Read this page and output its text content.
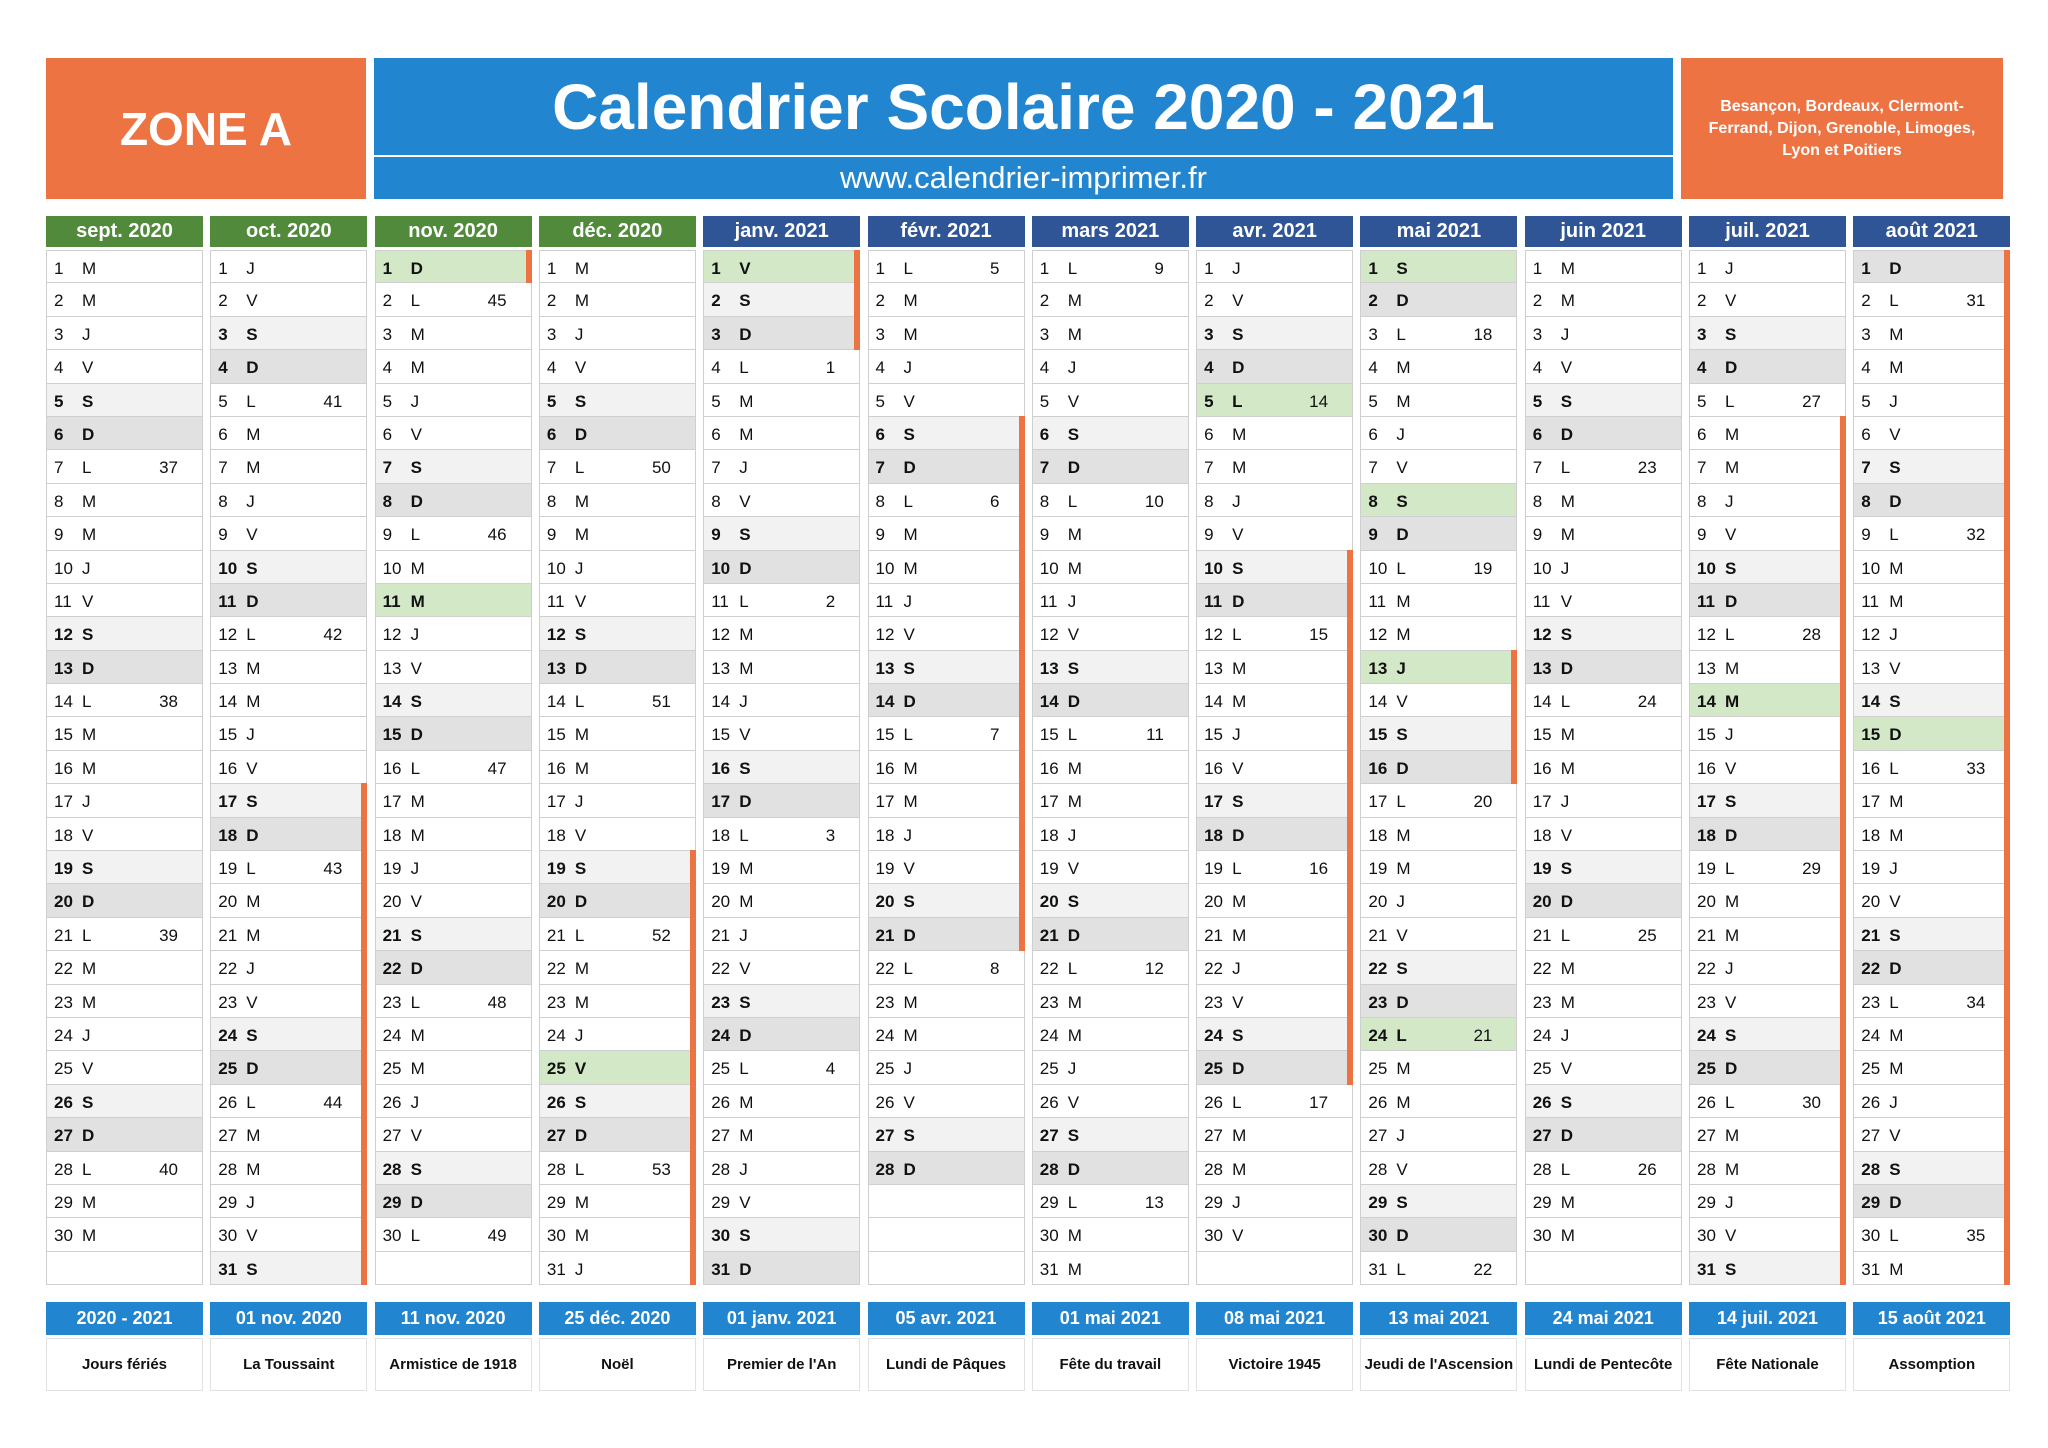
ZONE A	Calendrier Scolaire 2020 - 2021
www.calendrier-imprimer.fr
Besançon, Bordeaux, Clermont-Ferrand, Dijon, Grenoble, Limoges, Lyon et Poitiers
sept. 2020
1 M
2 M
3 J
4 V
5 S
6 D
7 L	37
8 M
9 M
10 J
11 V
12 S
13 D
14 L	38
15 M
16 M
17 J
18 V
19 S
20 D
21 L	39
22 M
23 M
24 J
25 V
26 S
27 D
28 L	40
29 M
30 M
oct. 2020
1 J
2 V
3 S
4 D
5 L	41
6 M
7 M
8 J
9 V
10 S
11 D
12 L	42
13 M
14 M
15 J
16 V
17 S
18 D
19 L	43
20 M
21 M
22 J
23 V
24 S
25 D
26 L	44
27 M
28 M
29 J
30 V
31 S
nov. 2020
1 D
2 L	45
3 M
4 M
5 J
6 V
7 S
8 D
9 L	46
10 M
11 M
12 J
13 V
14 S
15 D
16 L	47
17 M
18 M
19 J
20 V
21 S
22 D
23 L	48
24 M
25 M
26 J
27 V
28 S
29 D
30 L	49
déc. 2020
1 M
2 M
3 J
4 V
5 S
6 D
7 L	50
8 M
9 M
10 J
11 V
12 S
13 D
14 L	51
15 M
16 M
17 J
18 V
19 S
20 D
21 L	52
22 M
23 M
24 J
25 V
26 S
27 D
28 L	53
29 M
30 M
31 J
janv. 2021
1 V
2 S
3 D
4 L	1
5 M
6 M
7 J
8 V
9 S
10 D
11 L	2
12 M
13 M
14 J
15 V
16 S
17 D
18 L	3
19 M
20 M
21 J
22 V
23 S
24 D
25 L	4
26 M
27 M
28 J
29 V
30 S
31 D
févr. 2021
1 L	5
2 M
3 M
4 J
5 V
6 S
7 D
8 L	6
9 M
10 M
11 J
12 V
13 S
14 D
15 L	7
16 M
17 M
18 J
19 V
20 S
21 D
22 L	8
23 M
24 M
25 J
26 V
27 S
28 D
mars 2021
1 L	9
2 M
3 M
4 J
5 V
6 S
7 D
8 L	10
9 M
10 M
11 J
12 V
13 S
14 D
15 L	11
16 M
17 M
18 J
19 V
20 S
21 D
22 L	12
23 M
24 M
25 J
26 V
27 S
28 D
29 L	13
30 M
31 M
avr. 2021
1 J
2 V
3 S
4 D
5 L	14
6 M
7 M
8 J
9 V
10 S
11 D
12 L	15
13 M
14 M
15 J
16 V
17 S
18 D
19 L	16
20 M
21 M
22 J
23 V
24 S
25 D
26 L	17
27 M
28 M
29 J
30 V
mai 2021
1 S
2 D
3 L	18
4 M
5 M
6 J
7 V
8 S
9 D
10 L	19
11 M
12 M
13 J
14 V
15 S
16 D
17 L	20
18 M
19 M
20 J
21 V
22 S
23 D
24 L	21
25 M
26 M
27 J
28 V
29 S
30 D
31 L	22
juin 2021
1 M
2 M
3 J
4 V
5 S
6 D
7 L	23
8 M
9 M
10 J
11 V
12 S
13 D
14 L	24
15 M
16 M
17 J
18 V
19 S
20 D
21 L	25
22 M
23 M
24 J
25 V
26 S
27 D
28 L	26
29 M
30 M
juil. 2021
1 J
2 V
3 S
4 D
5 L	27
6 M
7 M
8 J
9 V
10 S
11 D
12 L	28
13 M
14 M
15 J
16 V
17 S
18 D
19 L	29
20 M
21 M
22 J
23 V
24 S
25 D
26 L	30
27 M
28 M
29 J
30 V
31 S
août 2021
1 D
2 L	31
3 M
4 M
5 J
6 V
7 S
8 D
9 L	32
10 M
11 M
12 J
13 V
14 S
15 D
16 L	33
17 M
18 M
19 J
20 V
21 S
22 D
23 L	34
24 M
25 M
26 J
27 V
28 S
29 D
30 L	35
31 M
2020 - 2021
Jours fériés
01 nov. 2020
La Toussaint
11 nov. 2020
Armistice de 1918
25 déc. 2020
Noël
01 janv. 2021
Premier de l'An
05 avr. 2021
Lundi de Pâques
01 mai 2021
Fête du travail
08 mai 2021
Victoire 1945
13 mai 2021
Jeudi de l'Ascension
24 mai 2021
Lundi de Pentecôte
14 juil. 2021
Fête Nationale
15 août 2021
Assomption
